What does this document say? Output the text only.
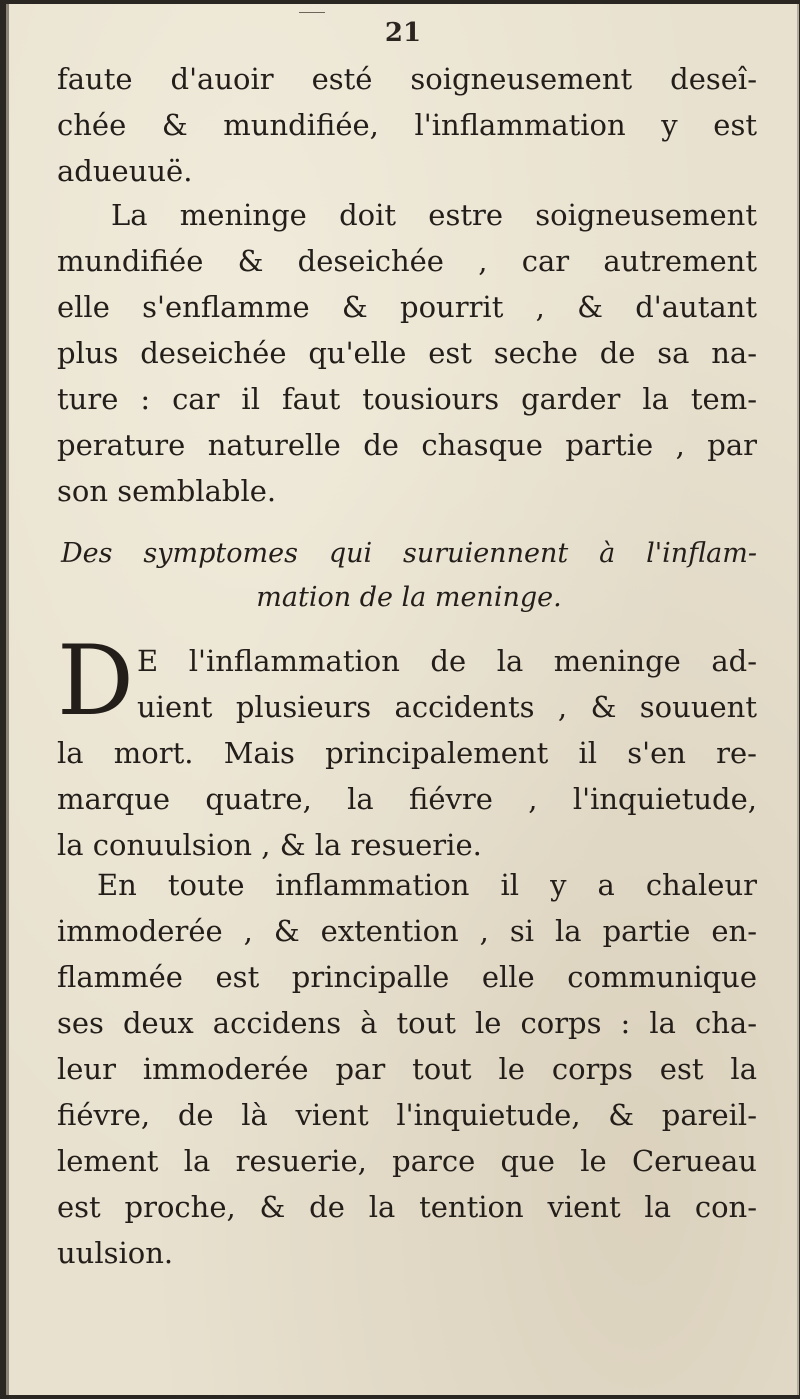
21

faute d'auoir esté soigneusement deseî-
chée & mundifiée, l'inflammation y est
adueuuë.
La meninge doit estre soigneusement
mundifiée & deseichée , car autrement
elle s'enflamme & pourrit , & d'autant
plus deseichée qu'elle est seche de sa na-
ture : car il faut tousiours garder la tem-
perature naturelle de chasque partie , par
son semblable.
Des symptomes qui suruiennent à l'inflam-
mation de la meninge.

D E l'inflammation de la meninge ad-
uient plusieurs accidents , & souuent
la mort. Mais principalement il s'en re-
marque quatre, la fiévre , l'inquietude,
la conuulsion , & la resuerie.
En toute inflammation il y a chaleur
immoderée , & extention , si la partie en-
flammée est principalle elle communique
ses deux accidens à tout le corps : la cha-
leur immoderée par tout le corps est la
fiévre, de là vient l'inquietude, & pareil-
lement la resuerie, parce que le Cerueau
est proche, & de la tention vient la con-
uulsion.
